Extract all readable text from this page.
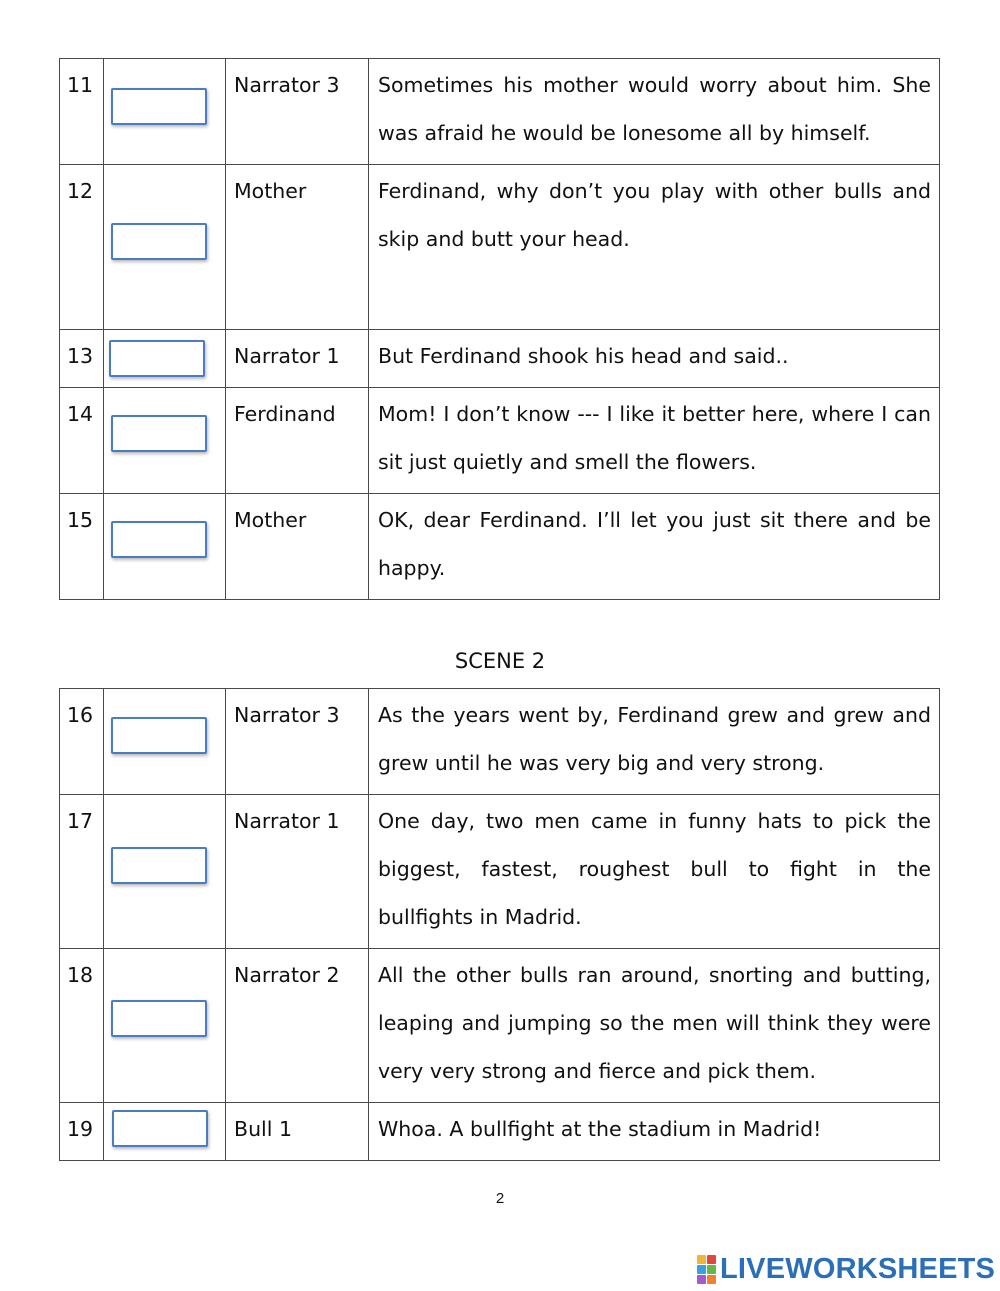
11		Narrator 3	Sometimes his mother would worry about him. She was afraid he would be lonesome all by himself.
12		Mother	Ferdinand, why don’t you play with other bulls and skip and butt your head.
13		Narrator 1	But Ferdinand shook his head and said..
14		Ferdinand	Mom! I don’t know --- I like it better here, where I can sit just quietly and smell the flowers.
15		Mother	OK, dear Ferdinand. I’ll let you just sit there and be happy.
SCENE 2
16		Narrator 3	As the years went by, Ferdinand grew and grew and grew until he was very big and very strong.
17		Narrator 1	One day, two men came in funny hats to pick the biggest, fastest, roughest bull to fight in the bullfights in Madrid.
18		Narrator 2	All the other bulls ran around, snorting and butting, leaping and jumping so the men will think they were very very strong and fierce and pick them.
19		Bull 1	Whoa. A bullfight at the stadium in Madrid!
2
LIVEWORKSHEETS
